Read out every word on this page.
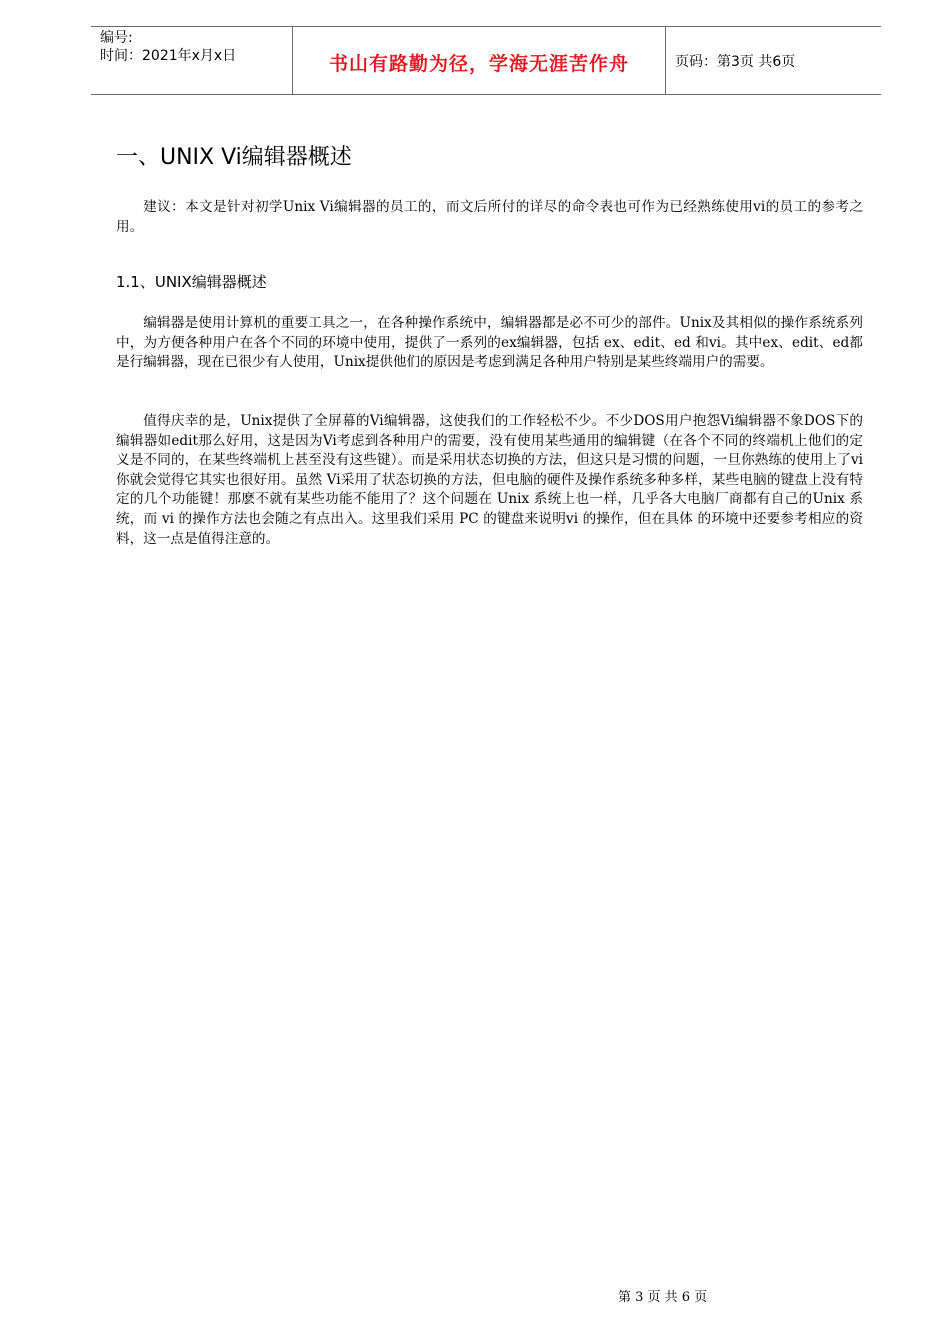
编号:
时间：2021年x月x日	书山有路勤为径，学海无涯苦作舟	页码：第3页 共6页
一、UNIX Vi编辑器概述
建议：本文是针对初学Unix Vi编辑器的员工的，而文后所付的详尽的命令表也可作为已经熟练使用vi的员工的参考之用。
1.1、UNIX编辑器概述
编辑器是使用计算机的重要工具之一，在各种操作系统中，编辑器都是必不可少的部件。Unix及其相似的操作系统系列中，为方便各种用户在各个不同的环境中使用，提供了一系列的ex编辑器，包括 ex、edit、ed 和vi。其中ex、edit、ed都是行编辑器，现在已很少有人使用，Unix提供他们的原因是考虑到满足各种用户特别是某些终端用户的需要。
值得庆幸的是，Unix提供了全屏幕的Vi编辑器，这使我们的工作轻松不少。不少DOS用户抱怨Vi编辑器不象DOS下的编辑器如edit那么好用，这是因为Vi考虑到各种用户的需要，没有使用某些通用的编辑键（在各个不同的终端机上他们的定义是不同的，在某些终端机上甚至没有这些键）。而是采用状态切换的方法，但这只是习惯的问题，一旦你熟练的使用上了vi你就会觉得它其实也很好用。虽然 Vi采用了状态切换的方法，但电脑的硬件及操作系统多种多样，某些电脑的键盘上没有特定的几个功能键！那麽不就有某些功能不能用了？这个问题在 Unix 系统上也一样，几乎各大电脑厂商都有自己的Unix 系统，而 vi 的操作方法也会随之有点出入。这里我们采用 PC 的键盘来说明vi 的操作，但在具体 的环境中还要参考相应的资料，这一点是值得注意的。
第 3 页 共 6 页
